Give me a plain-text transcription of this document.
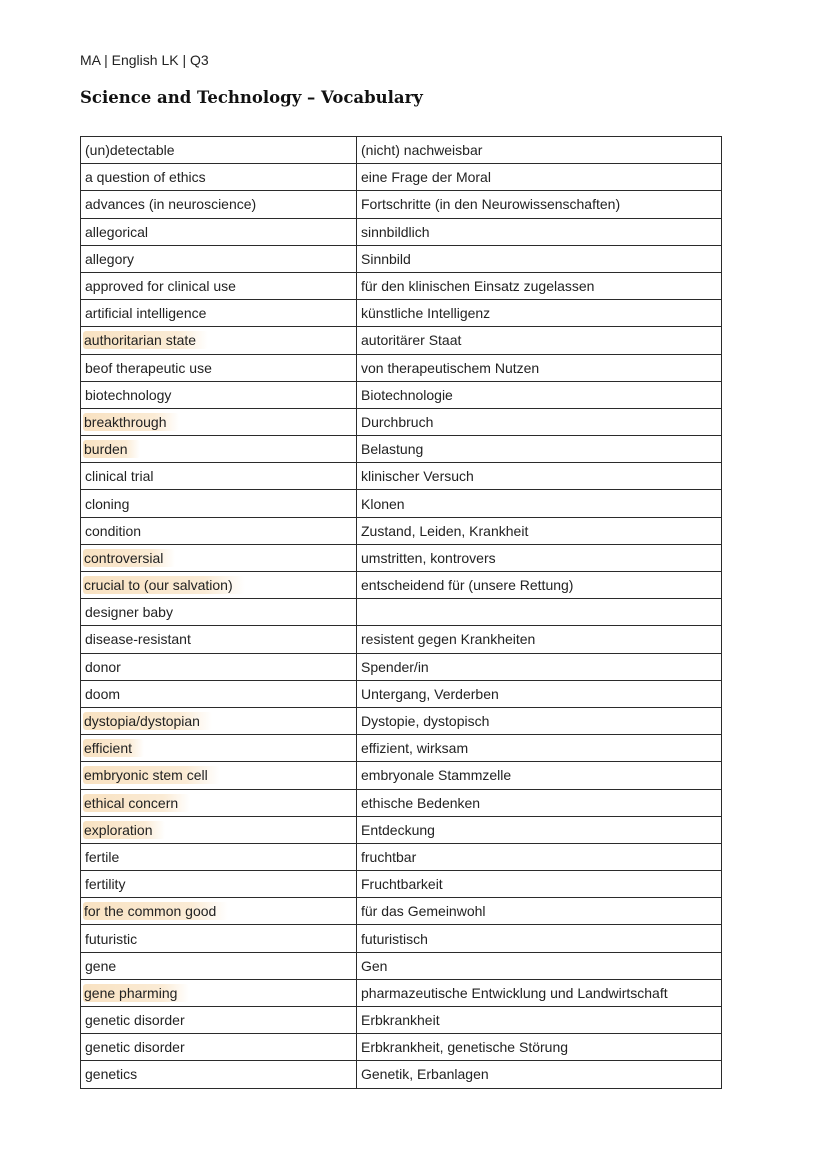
MA | English LK | Q3
Science and Technology – Vocabulary
(un)detectable	(nicht) nachweisbar
a question of ethics	eine Frage der Moral
advances (in neuroscience)	Fortschritte (in den Neurowissenschaften)
allegorical	sinnbildlich
allegory	Sinnbild
approved for clinical use	für den klinischen Einsatz zugelassen
artificial intelligence	künstliche Intelligenz
authoritarian state	autoritärer Staat
beof therapeutic use	von therapeutischem Nutzen
biotechnology	Biotechnologie
breakthrough	Durchbruch
burden	Belastung
clinical trial	klinischer Versuch
cloning	Klonen
condition	Zustand, Leiden, Krankheit
controversial	umstritten, kontrovers
crucial to (our salvation)	entscheidend für (unsere Rettung)
designer baby	
disease-resistant	resistent gegen Krankheiten
donor	Spender/in
doom	Untergang, Verderben
dystopia/dystopian	Dystopie, dystopisch
efficient	effizient, wirksam
embryonic stem cell	embryonale Stammzelle
ethical concern	ethische Bedenken
exploration	Entdeckung
fertile	fruchtbar
fertility	Fruchtbarkeit
for the common good	für das Gemeinwohl
futuristic	futuristisch
gene	Gen
gene pharming	pharmazeutische Entwicklung und Landwirtschaft
genetic disorder	Erbkrankheit
genetic disorder	Erbkrankheit, genetische Störung
genetics	Genetik, Erbanlagen
